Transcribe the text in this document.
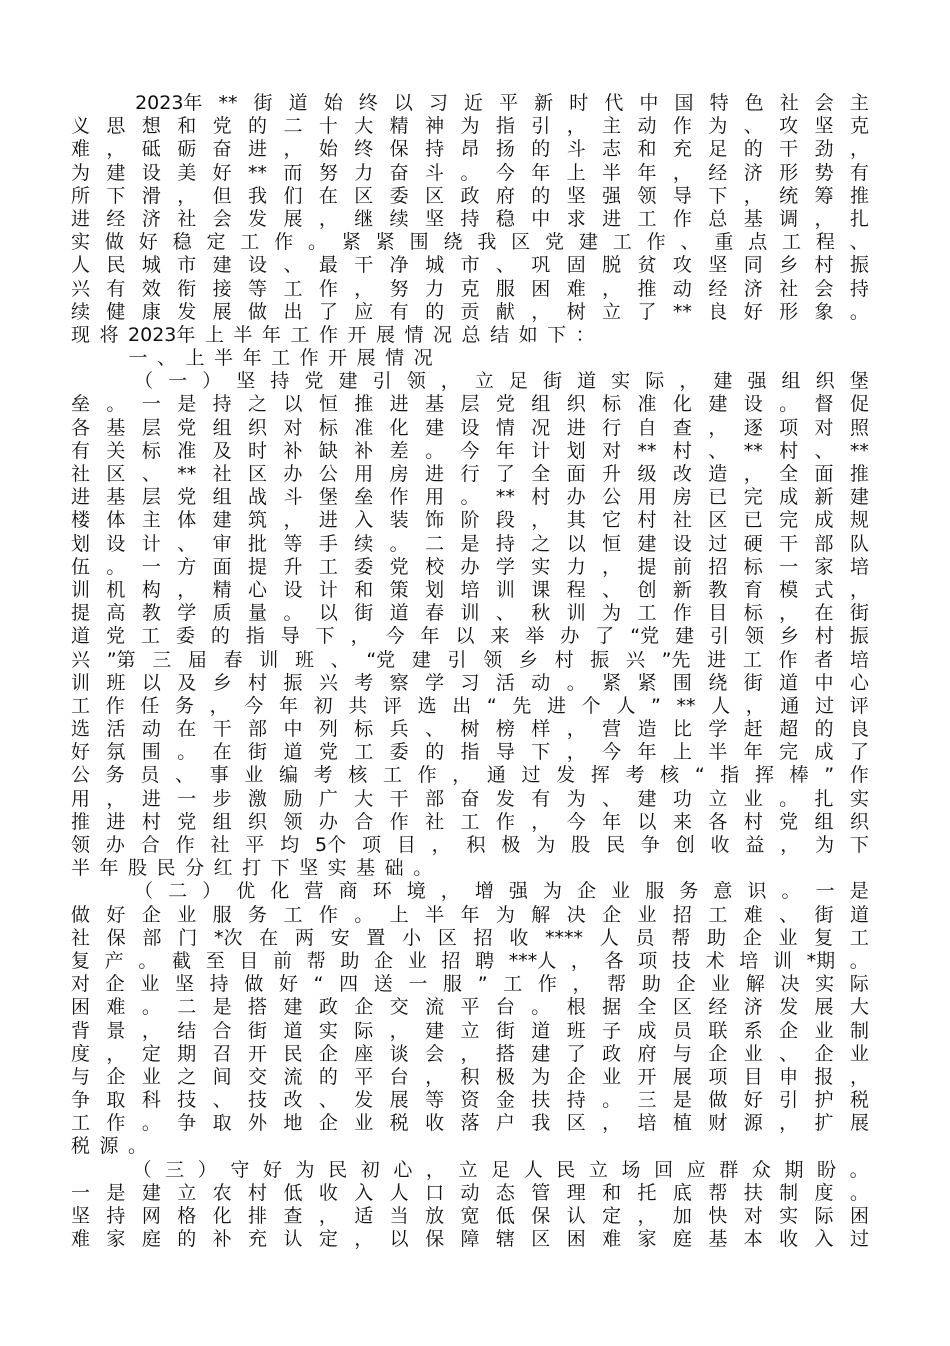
2023年 ** 街 道 始 终 以 习 近 平 新 时 代 中 国 特 色 社 会 主
义 思 想 和 党 的 二 十 大 精 神 为 指 引 ， 主 动 作 为 、 攻 坚 克
难 ， 砥 砺 奋 进 ， 始 终 保 持 昂 扬 的 斗 志 和 充 足 的 干 劲 ，
为 建 设 美 好 ** 而 努 力 奋 斗 。 今 年 上 半 年 ， 经 济 形 势 有
所 下 滑 ， 但 我 们 在 区 委 区 政 府 的 坚 强 领 导 下 ， 统 筹 推
进 经 济 社 会 发 展 ， 继 续 坚 持 稳 中 求 进 工 作 总 基 调 ， 扎
实 做 好 稳 定 工 作 。 紧 紧 围 绕 我 区 党 建 工 作 、 重 点 工 程 、
人 民 城 市 建 设 、 最 干 净 城 市 、 巩 固 脱 贫 攻 坚 同 乡 村 振
兴 有 效 衔 接 等 工 作 ， 努 力 克 服 困 难 ， 推 动 经 济 社 会 持
续 健 康 发 展 做 出 了 应 有 的 贡 献 ， 树 立 了 ** 良 好 形 象 。
现 将 2023年 上 半 年 工 作 开 展 情 况 总 结 如 下 ：
一 、 上 半 年 工 作 开 展 情 况
（ 一 ） 坚 持 党 建 引 领 ， 立 足 街 道 实 际 ， 建 强 组 织 堡
垒 。 一 是 持 之 以 恒 推 进 基 层 党 组 织 标 准 化 建 设 。 督 促
各 基 层 党 组 织 对 标 准 化 建 设 情 况 进 行 自 查 ， 逐 项 对 照
有 关 标 准 及 时 补 缺 补 差 。 今 年 计 划 对 ** 村 、 ** 村 、 **
社 区 、 ** 社 区 办 公 用 房 进 行 了 全 面 升 级 改 造 ， 全 面 推
进 基 层 党 组 战 斗 堡 垒 作 用 。 ** 村 办 公 用 房 已 完 成 新 建
楼 体 主 体 建 筑 ， 进 入 装 饰 阶 段 ， 其 它 村 社 区 已 完 成 规
划 设 计 、 审 批 等 手 续 。 二 是 持 之 以 恒 建 设 过 硬 干 部 队
伍 。 一 方 面 提 升 工 委 党 校 办 学 实 力 ， 提 前 招 标 一 家 培
训 机 构 ， 精 心 设 计 和 策 划 培 训 课 程 、 创 新 教 育 模 式 ，
提 高 教 学 质 量 。 以 街 道 春 训 、 秋 训 为 工 作 目 标 ， 在 街
道 党 工 委 的 指 导 下 ， 今 年 以 来 举 办 了 “党 建 引 领 乡 村 振
兴 ”第 三 届 春 训 班 、 “党 建 引 领 乡 村 振 兴 ”先 进 工 作 者 培
训 班 以 及 乡 村 振 兴 考 察 学 习 活 动 。 紧 紧 围 绕 街 道 中 心
工 作 任 务 ， 今 年 初 共 评 选 出 “ 先 进 个 人 ” ** 人 ， 通 过 评
选 活 动 在 干 部 中 列 标 兵 、 树 榜 样 ， 营 造 比 学 赶 超 的 良
好 氛 围 。 在 街 道 党 工 委 的 指 导 下 ， 今 年 上 半 年 完 成 了
公 务 员 、 事 业 编 考 核 工 作 ， 通 过 发 挥 考 核 “ 指 挥 棒 ” 作
用 ， 进 一 步 激 励 广 大 干 部 奋 发 有 为 、 建 功 立 业 。 扎 实
推 进 村 党 组 织 领 办 合 作 社 工 作 ， 今 年 以 来 各 村 党 组 织
领 办 合 作 社 平 均 5个 项 目 ， 积 极 为 股 民 争 创 收 益 ， 为 下
半 年 股 民 分 红 打 下 坚 实 基 础 。
（ 二 ） 优 化 营 商 环 境 ， 增 强 为 企 业 服 务 意 识 。 一 是
做 好 企 业 服 务 工 作 。 上 半 年 为 解 决 企 业 招 工 难 、 街 道
社 保 部 门 *次 在 两 安 置 小 区 招 收 **** 人 员 帮 助 企 业 复 工
复 产 。 截 至 目 前 帮 助 企 业 招 聘 ***人 ， 各 项 技 术 培 训 *期 。
对 企 业 坚 持 做 好 “ 四 送 一 服 ” 工 作 ， 帮 助 企 业 解 决 实 际
困 难 。 二 是 搭 建 政 企 交 流 平 台 。 根 据 全 区 经 济 发 展 大
背 景 ， 结 合 街 道 实 际 ， 建 立 街 道 班 子 成 员 联 系 企 业 制
度 ， 定 期 召 开 民 企 座 谈 会 ， 搭 建 了 政 府 与 企 业 、 企 业
与 企 业 之 间 交 流 的 平 台 ， 积 极 为 企 业 开 展 项 目 申 报 ，
争 取 科 技 、 技 改 、 发 展 等 资 金 扶 持 。 三 是 做 好 引 护 税
工 作 。 争 取 外 地 企 业 税 收 落 户 我 区 ， 培 植 财 源 ， 扩 展
税 源 。
（ 三 ） 守 好 为 民 初 心 ， 立 足 人 民 立 场 回 应 群 众 期 盼 。
一 是 建 立 农 村 低 收 入 人 口 动 态 管 理 和 托 底 帮 扶 制 度 。
坚 持 网 格 化 排 查 ， 适 当 放 宽 低 保 认 定 ， 加 快 对 实 际 困
难 家 庭 的 补 充 认 定 ， 以 保 障 辖 区 困 难 家 庭 基 本 收 入 过
